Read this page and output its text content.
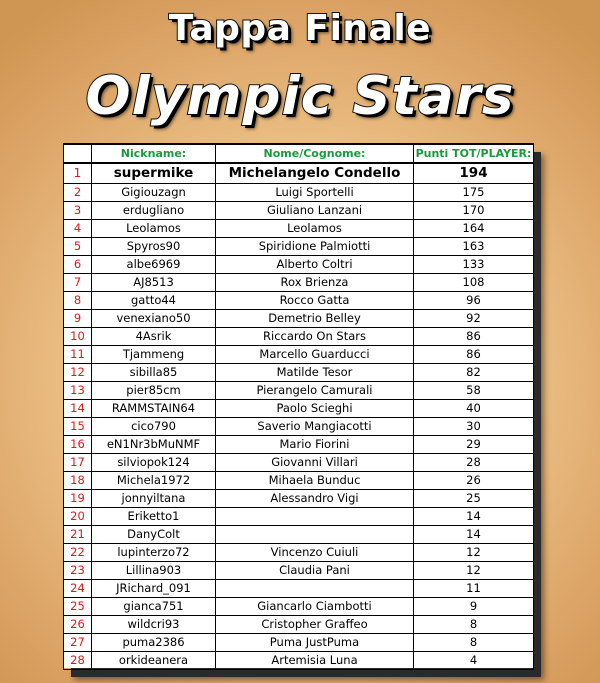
Tappa Finale
Olympic Stars
	Nickname:	Nome/Cognome:	Punti TOT/PLAYER:
1	supermike	Michelangelo Condello	194
2	Gigiouzagn	Luigi Sportelli	175
3	erdugliano	Giuliano Lanzani	170
4	Leolamos	Leolamos	164
5	Spyros90	Spiridione Palmiotti	163
6	albe6969	Alberto Coltri	133
7	AJ8513	Rox Brienza	108
8	gatto44	Rocco Gatta	96
9	venexiano50	Demetrio Belley	92
10	4Asrik	Riccardo On Stars	86
11	Tjammeng	Marcello Guarducci	86
12	sibilla85	Matilde Tesor	82
13	pier85cm	Pierangelo Camurali	58
14	RAMMSTAIN64	Paolo Scieghi	40
15	cico790	Saverio Mangiacotti	30
16	eN1Nr3bMuNMF	Mario Fiorini	29
17	silviopok124	Giovanni Villari	28
18	Michela1972	Mihaela Bunduc	26
19	jonnyiltana	Alessandro Vigi	25
20	Eriketto1		14
21	DanyColt		14
22	lupinterzo72	Vincenzo Cuiuli	12
23	Lillina903	Claudia Pani	12
24	JRichard_091		11
25	gianca751	Giancarlo Ciambotti	9
26	wildcri93	Cristopher Graffeo	8
27	puma2386	Puma JustPuma	8
28	orkideanera	Artemisia Luna	4
